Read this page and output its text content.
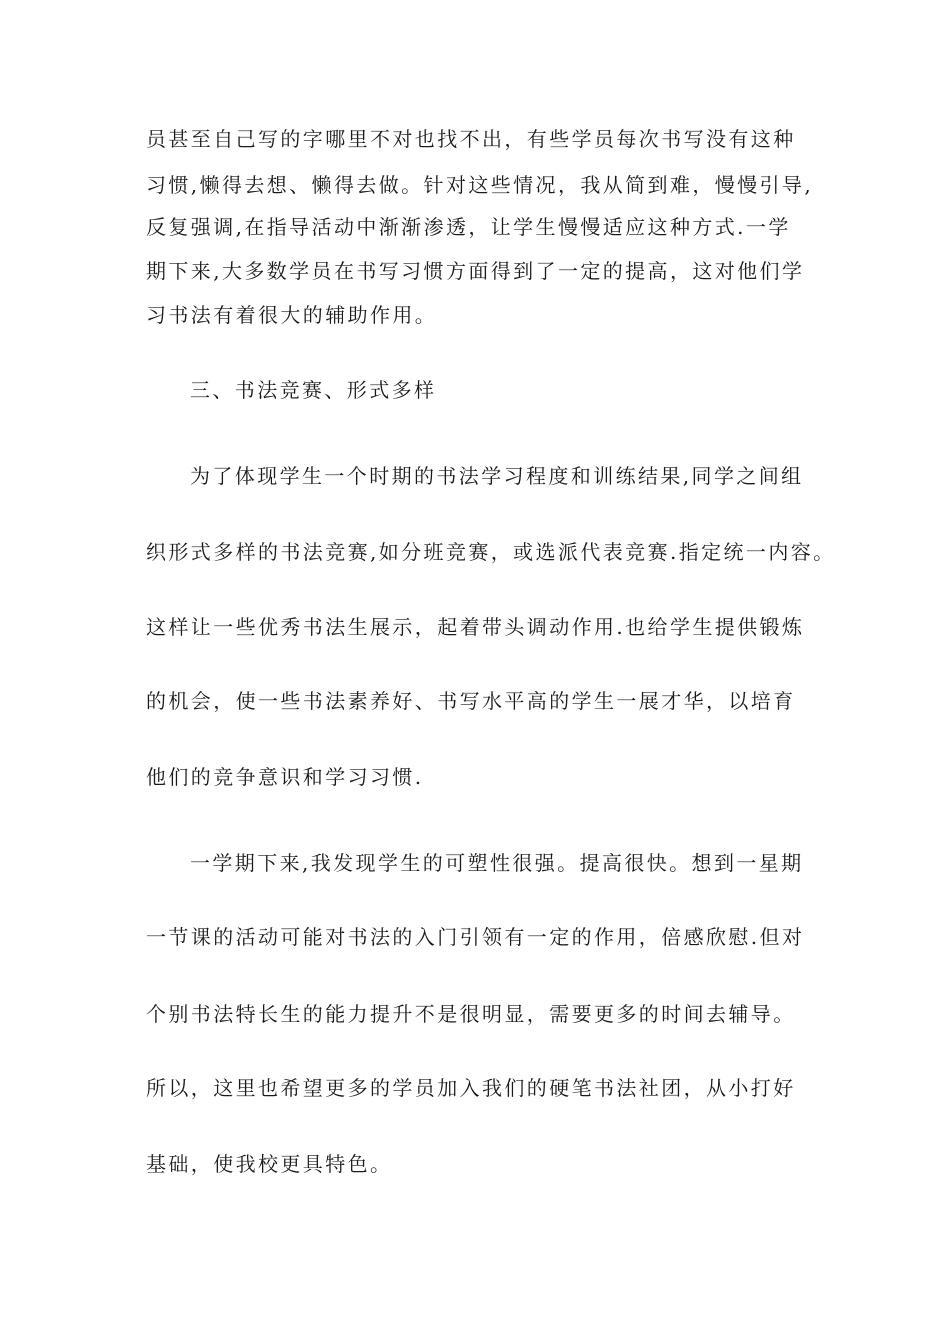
员甚至自己写的字哪里不对也找不出，有些学员每次书写没有这种
习惯,懒得去想、懒得去做。针对这些情况，我从简到难，慢慢引导,
反复强调,在指导活动中渐渐渗透，让学生慢慢适应这种方式.一学
期下来,大多数学员在书写习惯方面得到了一定的提高，这对他们学
习书法有着很大的辅助作用。
三、书法竞赛、形式多样
为了体现学生一个时期的书法学习程度和训练结果,同学之间组
织形式多样的书法竞赛,如分班竞赛，或选派代表竞赛.指定统一内容。
这样让一些优秀书法生展示，起着带头调动作用.也给学生提供锻炼
的机会，使一些书法素养好、书写水平高的学生一展才华，以培育
他们的竞争意识和学习习惯.
一学期下来,我发现学生的可塑性很强。提高很快。想到一星期
一节课的活动可能对书法的入门引领有一定的作用，倍感欣慰.但对
个别书法特长生的能力提升不是很明显，需要更多的时间去辅导。
所以，这里也希望更多的学员加入我们的硬笔书法社团，从小打好
基础，使我校更具特色。
